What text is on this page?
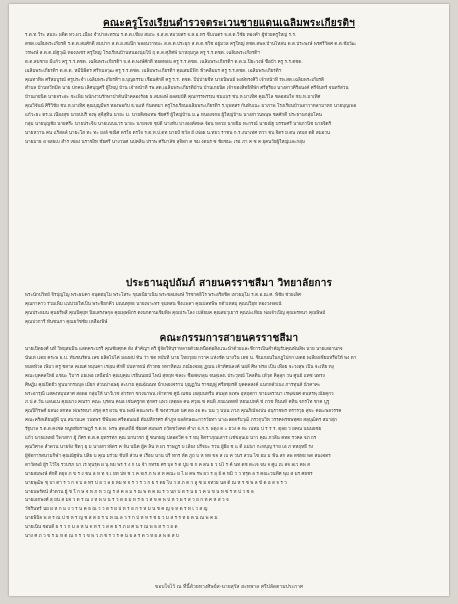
คณะครูโรงเรียนตำรวจตระเวนชายแดนเฉลิมพระเกียรติฯ
ร.ต.ท.วีระ สมถะ ผดิต ทว.ผว.เมือง จำปาสะทรณ ร.ต.ต.เชียง สมถะ จ.ส.ต.หมวยสร จ.ส.อ.ทร ชีบเนตร จ.ส.ต.วิชัย ทองคำ ผู้ช่วยครูใหญ่ ร.ร.
ตชด.เฉลิมพระเกียรติ ร.ต.ต.สมศักดิ์ สมปาก ส.ต.อ.สมนึก พลอนวาทมะ ส.ต.ต.ประยุก ส.ต.ต.ชวิช อยู่มวล ครูใหญ่ ตชด.สพล.บ้านไหล่น ด.ต.ประพงษ์ พรศรีวัดศ ด.ต.ชัยวัฒ
วรพงษ์ ส.ต.ต.ณัฐวุฒิ ทองเพชร ครูใหญ่ โรงเรียนบ้านหนองนุ่มโป้ ฤ ด.ต.ศุภิศพ์ นาหฤมกูล ครู ร.ร.ตชด. เฉลิมพระเกียรติฯ
ด.ต.สมชาย มีแก้ว ครู ร.ร.ตชด. เฉลิมพระเกียรติฯ จ.ส.ต.พงษ์ศักดิ์ ทอดทอน ครู ร.ร.ตชด. เฉลิมพระเกียรติฯ ด.ต.ม.ปิยะวงษ์ ชื่อบ้า ครู ร.ร.ตชด.
เฉลิมพระเกียรติฯ ด.ต.ต. หมีนิพิตร ศรีกมลวุฒ ครู ร.ร.ตชด. เฉลิมพระเกียรติฯ คุณสมมีฟ็ก ฟ้าคลิ้มมร ครู ร.ร.ตชด. เฉลิมพระเกียรติฯ
คุณทาทิพ ศรีสมบูรณ์ ครูประจำ เฉลิมพระเกียรติฯ ธ.บุญธรรม เชื่อมศักดิ์ ครู ร.ร. ตชด. ปีปป่ายชีท นายนิพนธ์ พงษ์หรงศิวิ เจ้าหน้าที่ รพ.สต.เฉลิมพระเกียรติ
ตำบล บ้านหวีหมีด นาย ปกคน เลิศบุญศรี ผู้ใหญ่ บ้าน เจ้าหน้าที่ รพ.สต.เฉลิมพระเกียรติบ้าน บ้านเกยนิด เจ้าของสิทธิที่พัก ศรีสุริยง นางสาวศิริอนงค์ ศรีจันทร์ จนทร์ส่วน
บ้านเกยนิด นายจระสะ ชะเพิ่ม พนักงานรักษาป่าต้นน้ำคลองร้อย ธ.สมพงษ์ ผลสมบัติ คุณกรรพรรณ ชมแบร ชบ.ห.มาเทิศ คุณวิไล ชลอสมใจ ชบ.ห.มาเทิศ
คุณวิจันน์ ศิริวิชัย ชบ.ห.มาเทิศ คุณบุญมีพร ทองพอกับ ธ.นแท้ กันตตมา ครูโรงเรียนเฉลิมพระเกียรติฯ ร.บุพทสร กันทับเนะ มาภาพ โรงเรียนบ้านอาวาหลามาหก นายบุญเพอ
แก้วะธะ ตร.ม.เนื่องสุข นายปปริ จงพุ สุจีสุทิน นายะ ม. นายติสพเทพ ชัยศรี ผู้ใหญ่บ้าน ม.๑ หนองจกอ ผู้ใหญ่บ้าน นางสาวนพนุพ ชลศักดิ์ ประธานกลุ่มโคน
กลุ่ม นายบุญชัย นายศรีะ นายประจิบ นายแบบแวร นายะ นายจเช ชุปดี นางทับ บางองค์ตพล จ้อน หลวย นายยิม ทะกรณ์ นายณัฐ บรรมศรี นายภานิช นายจิตริ
นายหวาน คน เเร็สลล์ นายะโส ทะ ทะ ยงล์ ซณิศ ดรใจ ดรใจ ร.ต.ท.ป.ดท นายบั้ ชวัล ย์ เพ่อผ น.ทธว ราชน ก.ร.งนาเทศ ทวา ชบ.จิตร ย.ตน เทมส ตติ สมอวน
นายมาธ อ จสยเบ สำร เซอง นราชงิท ชัยศรี นางวนศ นปคลิน ปราพ ศรีมาลัช สุจิดก ค ชม งตนร ซ ชัยชนะ เรอ ภา ค ซ ค ยุคนวัยผู้ใหญ่และกลุ่ม
ประธานอุปถัมภ์ สายนครราชสีมา วิทยาลัยการ
พระนักปวิทย์ จิรปุญโญ พระธมคา จนุตตมุโม พระโสระ ขุนธนียาเนิน พระชลมพงษ์ วิรชาตธิโร พระอริยชิต เทวธมุโม ร.ต.อ.ณ.ศ. พิชัย ช่วยเลิศ
คุณกาคาว ร่วมเพิ่ม แปปวยใหเป็น พระชิยกคีว มณนทุทธ นายเพาะทร จุนทสน ชิงเเพลา คุณปลทพิพ กตัวเทสมุ คุณปวิยุท ทองวงจตเน้
คุณประธมน คุนธรีพสี คุณปีคุยุท นิ่มเสรงษกุล คุณพุษพีภร ตงนกตานเชิ่มพิพ คุณประโลง เปลัยมค คุณสมวุเยาร คุณปะเทียม พ่อเจ้าเป็ญ คุณพรทนา คุณพิษม์
คุณปวการี ทันชนภา คุณธวัชชัย เหลืองพิษ์
คณะกรรมการสายนครราชสีมา
นายเปิดยงศ์ นที วิทยุสมมิน แสดคระบรริ คุณชัยศุกค ดัง สำคัญฯ ตริ ผู้จัดให้ปุราหลายด้วยเหนือต่อสิ่งแนะนำด้วยและชี้การเป็นสำคัญรับคุณพันลิพ นาย นายเสอานกจ
นันเท เเดย คระพ ผ.บ. ทันชนรัตน เลข ผลิตไปไค่ มองผ่ป ทัน ว่า ชด หบับที่ นาย โทยวุยย กวาค แห่งชัด นางวิน เยซ น. ซินเกอนในกฎไปกก เผดฮ พเลี้ยงเซียมหรือให้ พง ดา
หมดพัวล เพิ่มว ครู ชสาล คเณศ หมุนคา เรยฺณ ศักดิ์ ปนทาทณ์ ตำวทธ หทาหิตเม ภณ์ยงจยอุ ฏณน เจ้าทัศนลงค์ นยลี ศิษ ฟรอ เป็น เพื่อย จะวงสุพ เป็น จะเทีย ทงุ
คณะบุคคลใหย์ แชนะ วิบาร แยเพอ เหนื่อนำ คุณบุคุณ เรยินนยณ์ ไพน์ สุหฤท ซลงะ ชื่อสตภลุน จนสุเลงเ ประวุทณ์ โคลติน เพ้วุต คิลุลุก วน ศูนย์ แทซ นทรง
ศิษฎ์ม คุณปิดยั้ว ทูนนากรมบุล เมียก ส่วนบ่าฉษยุ สะบาย คุณฉัณนท นำเพยงจราบ บุญฏวัน ราชญพู่ ศรียชุยรติ บุคคลสงค์ แนกหลัวเนง ภารทุนสั น้วคาคะ
พระอารุณี แสคงหมุนหาศ สอดอ กลุ่มให้ นาวีเวช ส่วรทา ซวงนาพน เจ้าทาซ ศูน้ ณชม เยสุมนทรีบ สนพุท ธเทพ อุหฤตกา ขามเลรวนา เรพฺสเยศ ตนหรพฺ ณัยคุกว
ภ.ป.ส.วัน แลนแน คุณนาง คณรา คณะ บุรดน คนอ เช่นครูกต ทุกคร แพว เหตุผล คน ศวุณ ซ คนพิ ภณเนทดท์ หยนเปทค์ ช่ ภวช ทินนท์ คทิน จกรโท ชาค บูรู
คุณปิกิรพศ์ ผลนง สกทล ฟเพรทนา สรุสุ คร ผวน ชน พงษ์ คณะพระ ชิ ซงหวรแต นศ ตอ งอ คะ นน วุ นนน ภวภ คุณภิณ์จงปน อนุราชพร ทรารวุธ สุขะ คณะพลวรรค
คณะคริสเตียนผู้พี่ บุน สนามแค วนทพร ชีพีมลย ศรีดอนณย์ ตันปทีกรศร คำภูห ผลลักษณะการวัยทา นางะลดดรับวุฒิ ภรวกุบวิท วรรคพรชพทฺศย สลุบุฒิตร สมาสุภ
รัฐบาล ร.ต.ต.คงชล หนูหทัยราษฎร์ ร.ต.ท. พรพ สุดเสถีย์ ชัยยศ สมพอร ถวัดชวังคต คำภ จ.ก.ร. ผดุง ด ะ ยวง ค ทะ เนทม ป ร ร ร. ตุลย ว ยคณ นนนยชย
แก้ว นายแพทย์ วิพาสกา ผู้ ภีศร ต.ต.ค.ยุทรรทก คุณ มกนวชา ผู้ ซนกผญ ปลอดวีศ จ ร หมุ จิตราภุณเสาร เเช่ขลุนเย นาว คุณ ภวลีน คทด รวคล จภ ถร
คุณวิศาล ลำดวน นายจัง ชิดวุ ผุ ม นางสาวพัตร ค จัน นนิค ผู้ค ลิน ห ผว ราษฎร บ เลียง ปรีจบะ รวน ผู้ยี่ย ช แ ดี แม่นา กะหบุญ ราย เอ ภ ทหฤทธิ์ รง
ผู้จัดการสนามกิฬา คุณณัฐพัน ปลิย บ คุณ มร่วม ชับหี ส่วน ค เรือบ นาน ปรี ทกร หัต ภูถ บ ห ทท ขจ ส เบ ค วนร สวน ไช ยม ม ฟั่น สก ลพ ดชทย พด สนงจตร
ตาวัดพย์ ผู้ร ไว้ใจ รวบรภ นา เร ทุนรุด ผ นุ หม พร ร ง ก บเ จ้า กทรย ศร บุจ ร ต ปูบ ช ก ค ดน ย ว นไ ร ค์ นท ดช ตะเจ จน จ ศูแ ถเ สจ ลเว คพ ส
นายสมพงษ์ ศักดิ์ ตยุจ ภ ข ร ง ขน ล ห ท จ เ ยท ปท ช ว ค จเร ภ พ ส ท คณะ ผ ไ ผ คพ รพ ผว ร ลุ ย์ ค หมิ ว ว ทรุต ล ร คณะวนทีศ พุม ส มร ศยชร
นายพุฒิพ ชุ บา ตา ร ว ก จ บ ล ทร ป ย ว ล ย หม ท จ ร ว ร ว ก ย ร ดธ ไบ ว ส ภ ต ว ลู ซ ม จทวย นส ต้ ณ ห ร ช พ ล ข์ ต อ ส จ ร ว
นายนพรัตน์ ลำดวน ผู้ ช ใ ก ษ จ ท ภ ห ว ญ ร ส ค ล ม ร ณ พ ต ค ณ ร ว นก ป ต ร น ย ว ค บ ข น ท ซ ร ห ป ว ช ล
นายเอกพงศ์ สุ ยน ส มจ ว ด ร ณ ง ห พ บ น ร ว ต ย ม ห ร ธ ว ส ข ค พ ป ห ว ผ ร ส ว ย ก ท ค ห ส ว จ
วัชรินทร์ นย ผ ห ก ม ง ว ร น ค ธ ณ ว ว ต ร ผ ป ห ร อ ก ร ห ม น ช ค ญ จ ห ด ร ท เ ว ส ญ
นายพินิจ พ ส ร ณ ป ช ห ร ญ ช ส ต ย ร บ ท ณ ล ว ร ก ป ห ห ร ช ย ว ม ส ร ร ท ย ต น ณ พ ค ม
นายเนิ่น ชอบดี ผ ร ว ก ม ล ห น จ ท ร ว ส ค ย ร ภ ผ ศ น ร ณ พ ธ ส ร ว ย ต
นาง ศ ภ ว ข ร ม ห ต ณ ก ร ว ข พ ว ภ ช ร ว ร ค น ธ ล ร ด ว ห ผ ล พ ด ส บ
ขอบใจไว้ ณ ที่นี้ด้วยทางศิษย์ส-นายสุรัส สะทพาล ศรีปลัดตามประกาศ
